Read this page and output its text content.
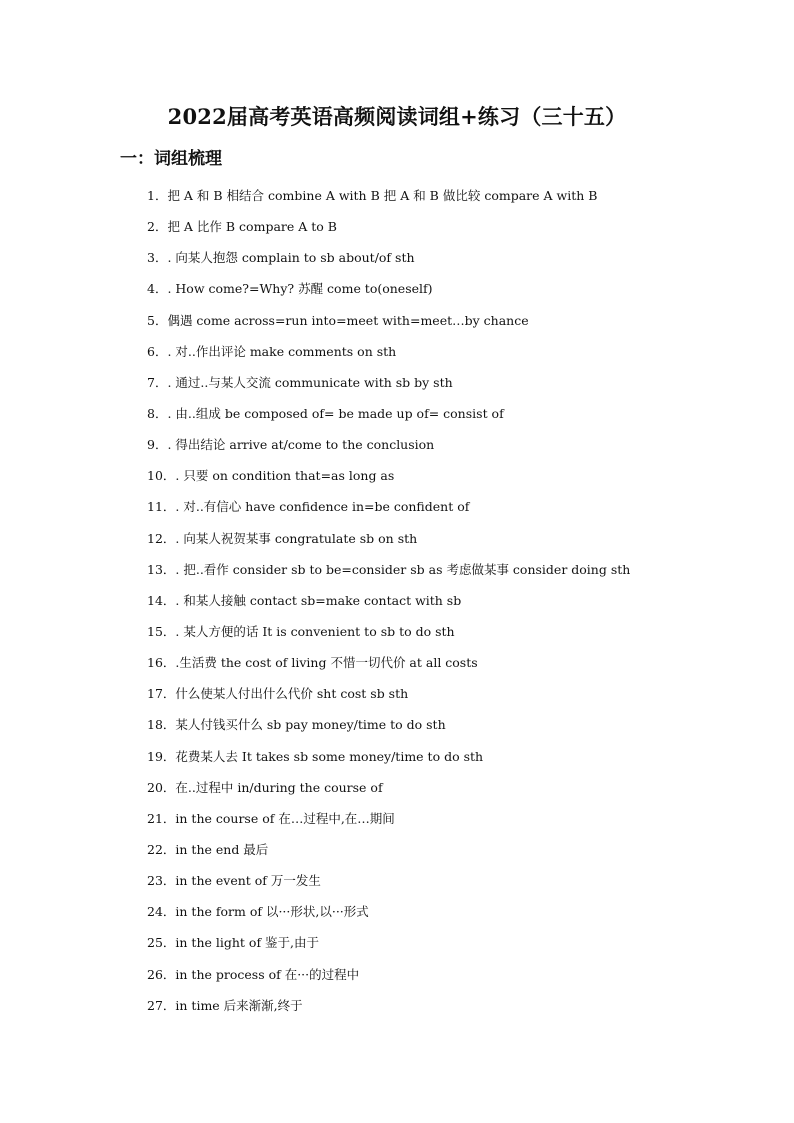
2022届高考英语高频阅读词组+练习（三十五）
一：词组梳理
1．把 A 和 B 相结合 combine A with B 把 A 和 B 做比较 compare A with B
2．把 A 比作 B compare A to B
3．. 向某人抱怨 complain to sb about/of sth
4．. How come?=Why? 苏醒 come to(oneself)
5．偶遇 come across=run into=meet with=meet…by chance
6．. 对..作出评论 make comments on sth
7．. 通过..与某人交流 communicate with sb by sth
8．. 由..组成 be composed of= be made up of= consist of
9．. 得出结论 arrive at/come to the conclusion
10．. 只要 on condition that=as long as
11．. 对..有信心 have confidence in=be confident of
12．. 向某人祝贺某事 congratulate sb on sth
13．. 把..看作 consider sb to be=consider sb as 考虑做某事 consider doing sth
14．. 和某人接触 contact sb=make contact with sb
15．. 某人方便的话 It is convenient to sb to do sth
16．.生活费 the cost of living 不惜一切代价 at all costs
17．什么使某人付出什么代价 sht cost sb sth
18．某人付钱买什么 sb pay money/time to do sth
19．花费某人去 It takes sb some money/time to do sth
20．在..过程中 in/during the course of
21．in the course of 在…过程中,在…期间
22．in the end 最后
23．in the event of 万一发生
24．in the form of 以···形状,以···形式
25．in the light of 鉴于,由于
26．in the process of 在···的过程中
27．in time 后来渐渐,终于
